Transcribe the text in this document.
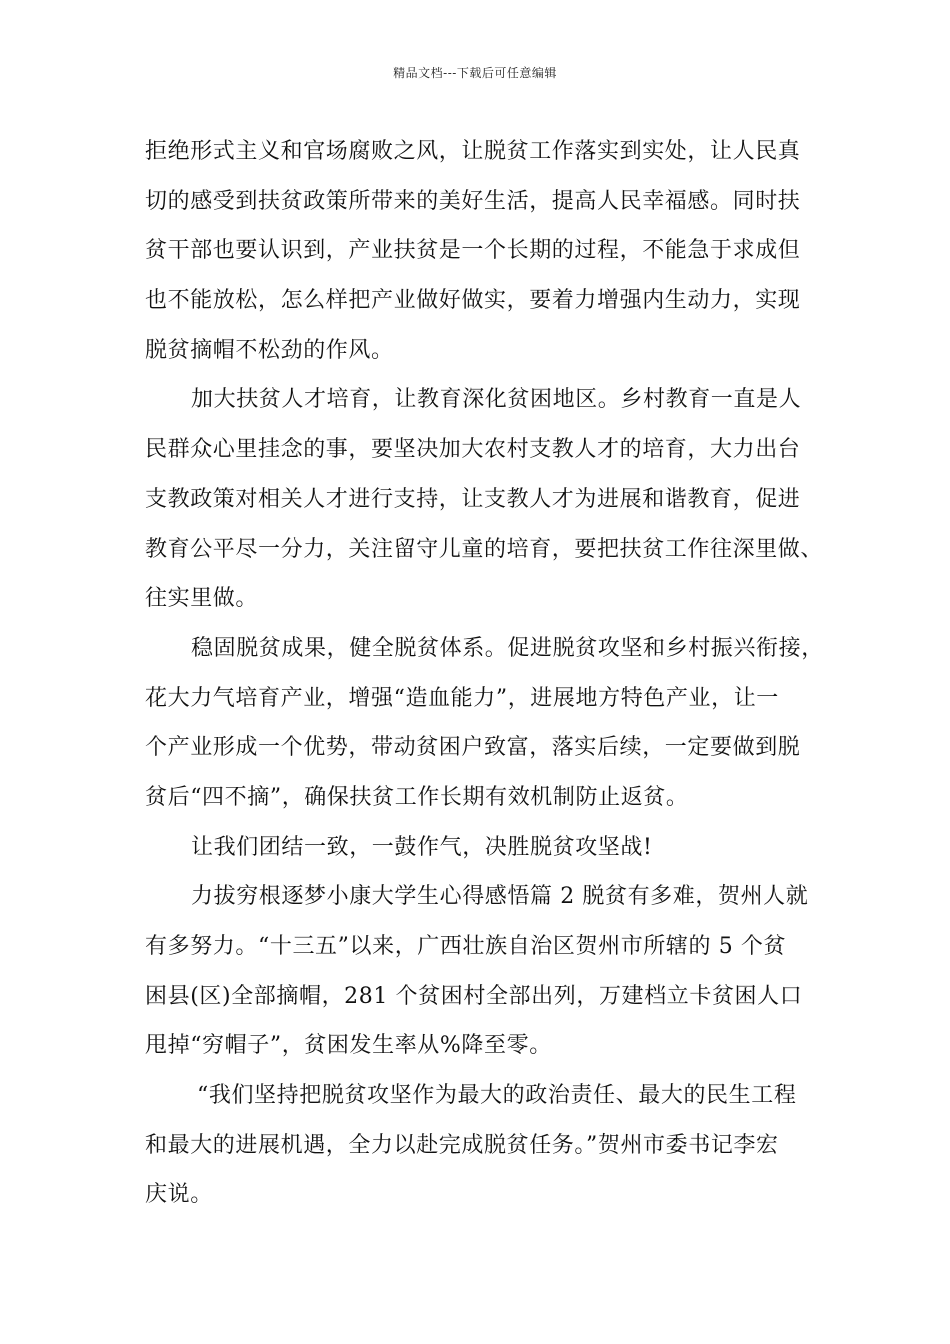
精品文档---下载后可任意编辑
拒绝形式主义和官场腐败之风，让脱贫工作落实到实处，让人民真
切的感受到扶贫政策所带来的美好生活，提高人民幸福感。同时扶
贫干部也要认识到，产业扶贫是一个长期的过程，不能急于求成但
也不能放松，怎么样把产业做好做实，要着力增强内生动力，实现
脱贫摘帽不松劲的作风。
加大扶贫人才培育，让教育深化贫困地区。乡村教育一直是人
民群众心里挂念的事，要坚决加大农村支教人才的培育，大力出台
支教政策对相关人才进行支持，让支教人才为进展和谐教育，促进
教育公平尽一分力，关注留守儿童的培育，要把扶贫工作往深里做、
往实里做。
稳固脱贫成果，健全脱贫体系。促进脱贫攻坚和乡村振兴衔接，
花大力气培育产业，增强“造血能力”，进展地方特色产业，让一
个产业形成一个优势，带动贫困户致富，落实后续，一定要做到脱
贫后“四不摘”，确保扶贫工作长期有效机制防止返贫。
让我们团结一致，一鼓作气，决胜脱贫攻坚战!
力拔穷根逐梦小康大学生心得感悟篇 2 脱贫有多难，贺州人就
有多努力。“十三五”以来，广西壮族自治区贺州市所辖的 5 个贫
困县(区)全部摘帽，281 个贫困村全部出列，万建档立卡贫困人口
甩掉“穷帽子”，贫困发生率从%降至零。
“我们坚持把脱贫攻坚作为最大的政治责任、最大的民生工程
和最大的进展机遇，全力以赴完成脱贫任务。”贺州市委书记李宏
庆说。
